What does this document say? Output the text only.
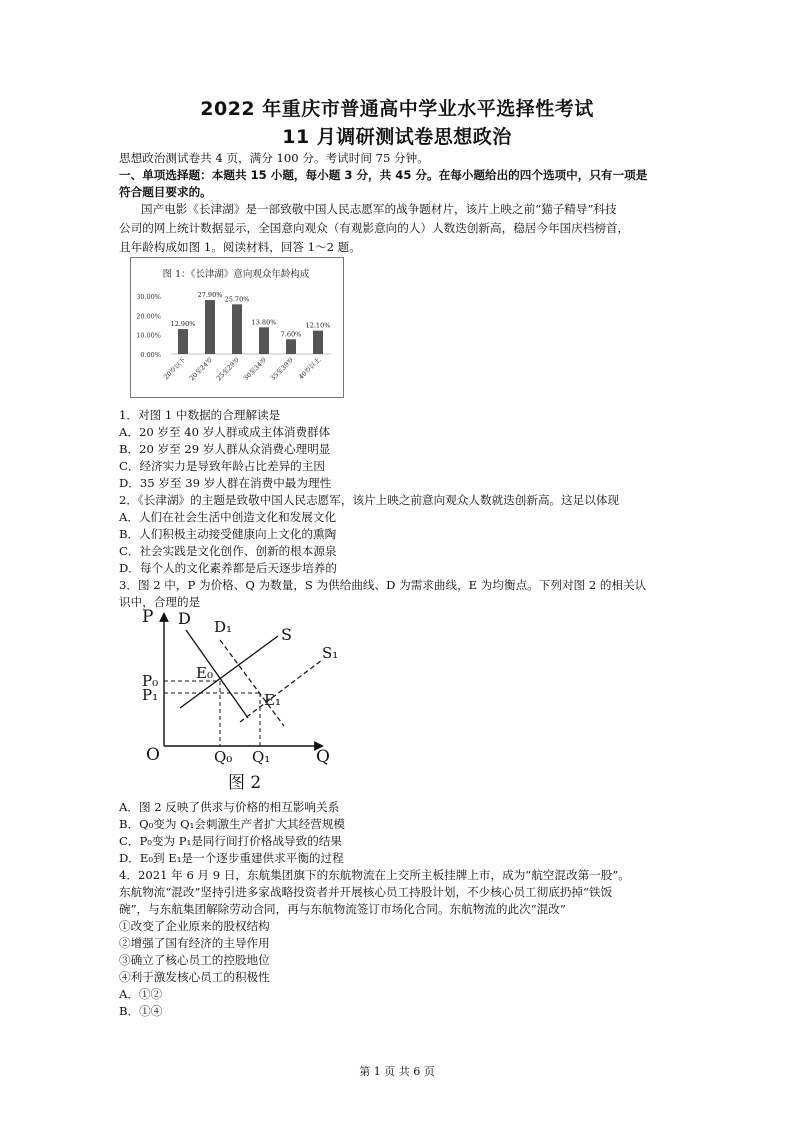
2022 年重庆市普通高中学业水平选择性考试
11 月调研测试卷思想政治
思想政治测试卷共 4 页，满分 100 分。考试时间 75 分钟。
一、单项选择题：本题共 15 小题，每小题 3 分，共 45 分。在每小题给出的四个选项中，只有一项是
符合题目要求的。
国产电影《长津湖》是一部致敬中国人民志愿军的战争题材片，该片上映之前“猫子精导”科技
公司的网上统计数据显示，全国意向观众（有观影意向的人）人数迭创新高，稳居今年国庆档榜首，
且年龄构成如图 1。阅读材料，回答 1～2 题。
图 1：《长津湖》意向观众年龄构成
0.00%
10.00%
20.00%
30.00%
12.90%
20岁以下
27.90%
20至24岁
25.70%
25至29岁
13.80%
30至34岁
7.60%
35至39岁
12.10%
40岁以上
1．对图 1 中数据的合理解读是
A．20 岁至 40 岁人群或成主体消费群体
B．20 岁至 29 岁人群从众消费心理明显
C．经济实力是导致年龄占比差异的主因
D．35 岁至 39 岁人群在消费中最为理性
2．《长津湖》的主题是致敬中国人民志愿军，该片上映之前意向观众人数就迭创新高。这足以体现
A．人们在社会生活中创造文化和发展文化
B．人们积极主动接受健康向上文化的熏陶
C．社会实践是文化创作、创新的根本源泉
D．每个人的文化素养都是后天逐步培养的
3．图 2 中，P 为价格、Q 为数量，S 为供给曲线、D 为需求曲线，E 为均衡点。下列对图 2 的相关认
识中，合理的是
P
Q
O
D D₁	S
S₁
E₀
E₁
P₀
P₁
Q₀ Q₁
图 2
A．图 2 反映了供求与价格的相互影响关系
B．Q₀变为 Q₁会刺激生产者扩大其经营规模
C．P₀变为 P₁是同行间打价格战导致的结果
D．E₀到 E₁是一个逐步重建供求平衡的过程
4．2021 年 6 月 9 日，东航集团旗下的东航物流在上交所主板挂牌上市，成为“航空混改第一股”。
东航物流“混改”坚持引进多家战略投资者并开展核心员工持股计划，不少核心员工彻底扔掉“铁饭
碗”，与东航集团解除劳动合同，再与东航物流签订市场化合同。东航物流的此次“混改”
①改变了企业原来的股权结构
②增强了国有经济的主导作用
③确立了核心员工的控股地位
④利于激发核心员工的积极性
A．①②
B．①④
第 1 页 共 6 页
